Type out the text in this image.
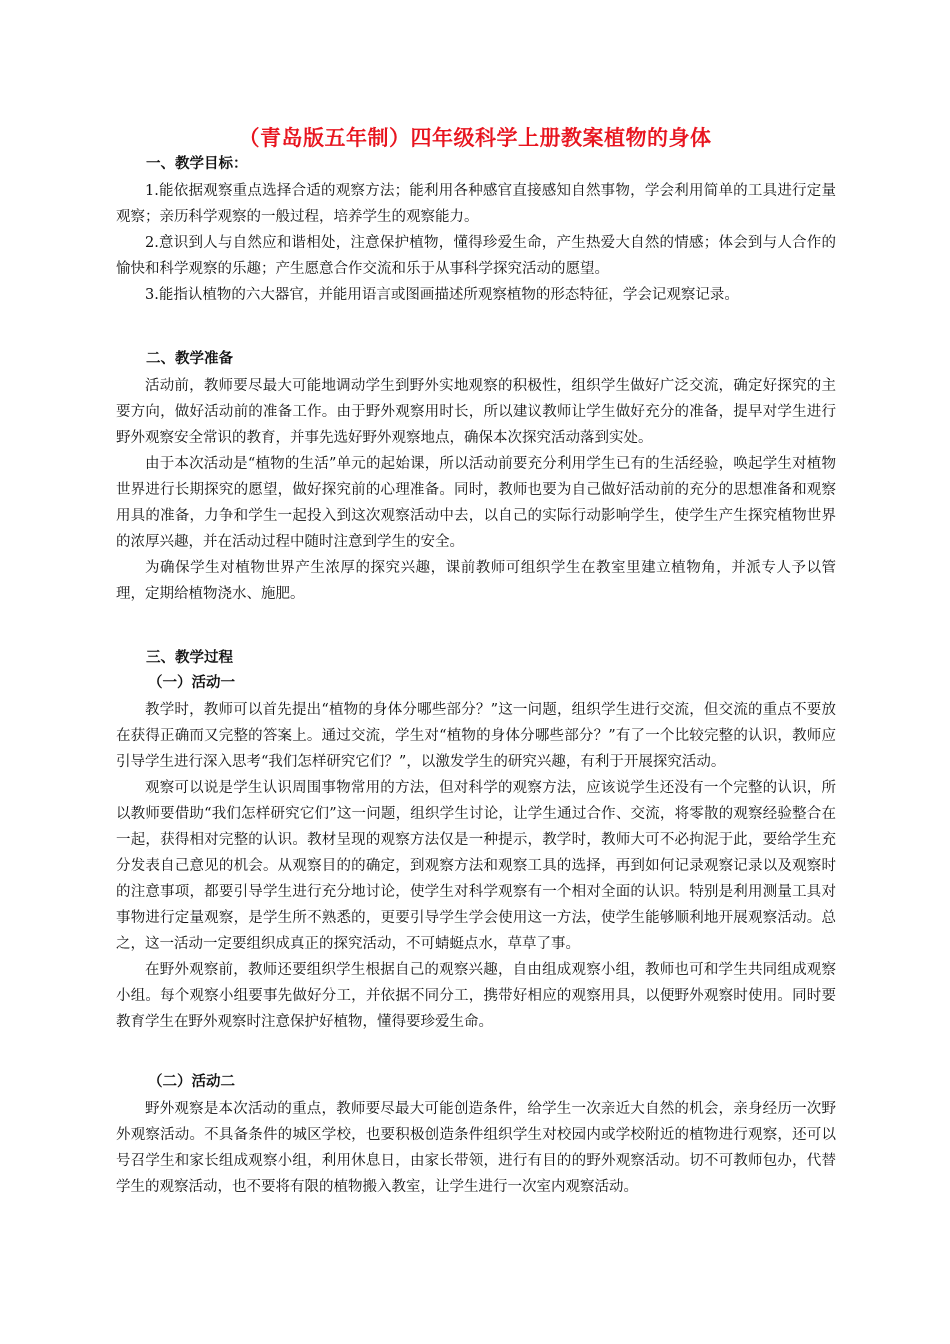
（青岛版五年制）四年级科学上册教案植物的身体
一、教学目标：

1.能依据观察重点选择合适的观察方法；能利用各种感官直接感知自然事物，学会利用简单的工具进行定量观察；亲历科学观察的一般过程，培养学生的观察能力。

2.意识到人与自然应和谐相处，注意保护植物，懂得珍爱生命，产生热爱大自然的情感；体会到与人合作的愉快和科学观察的乐趣；产生愿意合作交流和乐于从事科学探究活动的愿望。

3.能指认植物的六大器官，并能用语言或图画描述所观察植物的形态特征，学会记观察记录。

二、教学准备

活动前，教师要尽最大可能地调动学生到野外实地观察的积极性，组织学生做好广泛交流，确定好探究的主要方向，做好活动前的准备工作。由于野外观察用时长，所以建议教师让学生做好充分的准备，提早对学生进行野外观察安全常识的教育，并事先选好野外观察地点，确保本次探究活动落到实处。

由于本次活动是“植物的生活”单元的起始课，所以活动前要充分利用学生已有的生活经验，唤起学生对植物世界进行长期探究的愿望，做好探究前的心理准备。同时，教师也要为自己做好活动前的充分的思想准备和观察用具的准备，力争和学生一起投入到这次观察活动中去，以自己的实际行动影响学生，使学生产生探究植物世界的浓厚兴趣，并在活动过程中随时注意到学生的安全。

为确保学生对植物世界产生浓厚的探究兴趣，课前教师可组织学生在教室里建立植物角，并派专人予以管理，定期给植物浇水、施肥。

三、教学过程
（一）活动一

教学时，教师可以首先提出“植物的身体分哪些部分？”这一问题，组织学生进行交流，但交流的重点不要放在获得正确而又完整的答案上。通过交流，学生对“植物的身体分哪些部分？”有了一个比较完整的认识，教师应引导学生进行深入思考“我们怎样研究它们？”，以激发学生的研究兴趣，有利于开展探究活动。

观察可以说是学生认识周围事物常用的方法，但对科学的观察方法，应该说学生还没有一个完整的认识，所以教师要借助“我们怎样研究它们”这一问题，组织学生讨论，让学生通过合作、交流，将零散的观察经验整合在一起，获得相对完整的认识。教材呈现的观察方法仅是一种提示，教学时，教师大可不必拘泥于此，要给学生充分发表自己意见的机会。从观察目的的确定，到观察方法和观察工具的选择，再到如何记录观察记录以及观察时的注意事项，都要引导学生进行充分地讨论，使学生对科学观察有一个相对全面的认识。特别是利用测量工具对事物进行定量观察，是学生所不熟悉的，更要引导学生学会使用这一方法，使学生能够顺利地开展观察活动。总之，这一活动一定要组织成真正的探究活动，不可蜻蜓点水，草草了事。

在野外观察前，教师还要组织学生根据自己的观察兴趣，自由组成观察小组，教师也可和学生共同组成观察小组。每个观察小组要事先做好分工，并依据不同分工，携带好相应的观察用具，以便野外观察时使用。同时要教育学生在野外观察时注意保护好植物，懂得要珍爱生命。

（二）活动二

野外观察是本次活动的重点，教师要尽最大可能创造条件，给学生一次亲近大自然的机会，亲身经历一次野外观察活动。不具备条件的城区学校，也要积极创造条件组织学生对校园内或学校附近的植物进行观察，还可以号召学生和家长组成观察小组，利用休息日，由家长带领，进行有目的的野外观察活动。切不可教师包办，代替学生的观察活动，也不要将有限的植物搬入教室，让学生进行一次室内观察活动。
